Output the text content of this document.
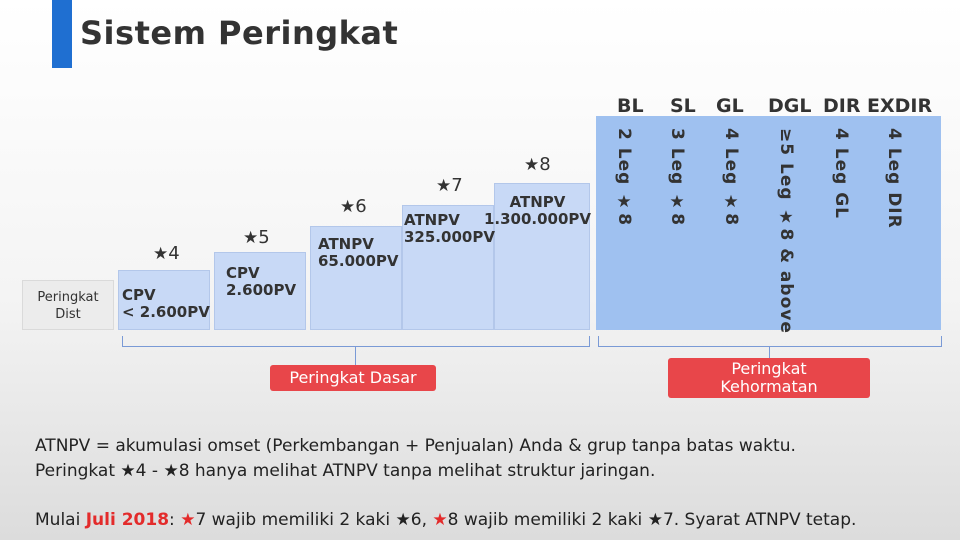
Sistem Peringkat
Peringkat
Dist
★4
CPV
< 2.600PV
★5
CPV
2.600PV
★6
ATNPV
65.000PV
★7
ATNPV
325.000PV
★8
ATNPV
1.300.000PV
BL SL GL DGL DIR EXDIR
2 Leg ★8 3 Leg ★8 4 Leg ★8 ≥5 Leg ★8 & above 4 Leg GL 4 Leg DIR
Peringkat Dasar	Peringkat
Kehormatan
ATNPV = akumulasi omset (Perkembangan + Penjualan) Anda & grup tanpa batas waktu.
Peringkat ★4 - ★8 hanya melihat ATNPV tanpa melihat struktur jaringan.
Mulai Juli 2018: ★7 wajib memiliki 2 kaki ★6, ★8 wajib memiliki 2 kaki ★7. Syarat ATNPV tetap.
